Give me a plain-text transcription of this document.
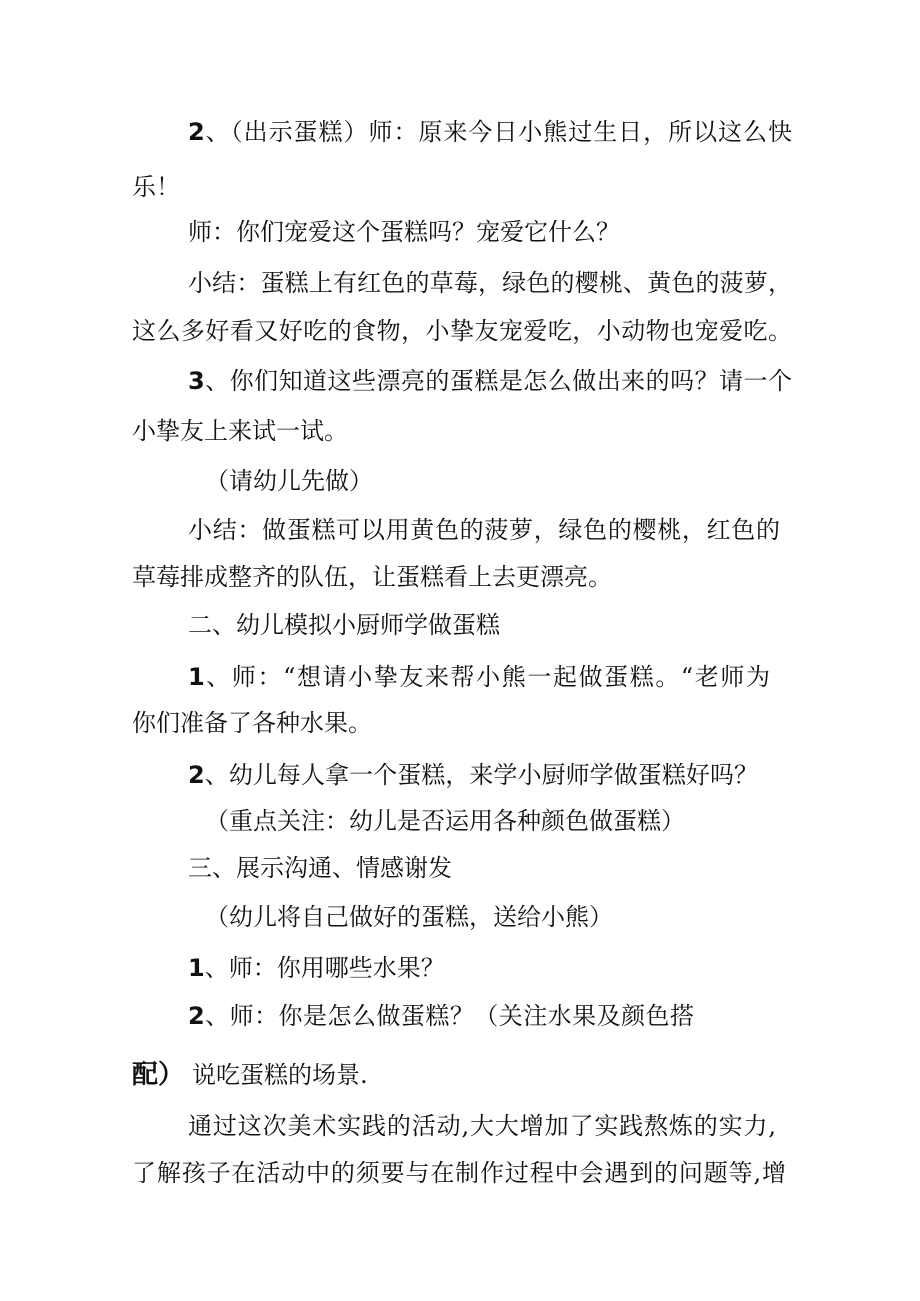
2、（出示蛋糕）师：原来今日小熊过生日，所以这么快
乐！
师：你们宠爱这个蛋糕吗？宠爱它什么？
小结：蛋糕上有红色的草莓，绿色的樱桃、黄色的菠萝，
这么多好看又好吃的食物，小挚友宠爱吃，小动物也宠爱吃。
3、你们知道这些漂亮的蛋糕是怎么做出来的吗？请一个
小挚友上来试一试。
（请幼儿先做）
小结：做蛋糕可以用黄色的菠萝，绿色的樱桃，红色的
草莓排成整齐的队伍，让蛋糕看上去更漂亮。
二、幼儿模拟小厨师学做蛋糕
1、师：“想请小挚友来帮小熊一起做蛋糕。“老师为
你们准备了各种水果。
2、幼儿每人拿一个蛋糕，来学小厨师学做蛋糕好吗？
（重点关注：幼儿是否运用各种颜色做蛋糕）
三、展示沟通、情感谢发
（幼儿将自己做好的蛋糕，送给小熊）
1、师：你用哪些水果？
2、师：你是怎么做蛋糕？（关注水果及颜色搭
配） 说吃蛋糕的场景.
通过这次美术实践的活动,大大增加了实践熬炼的实力,
了解孩子在活动中的须要与在制作过程中会遇到的问题等,增
